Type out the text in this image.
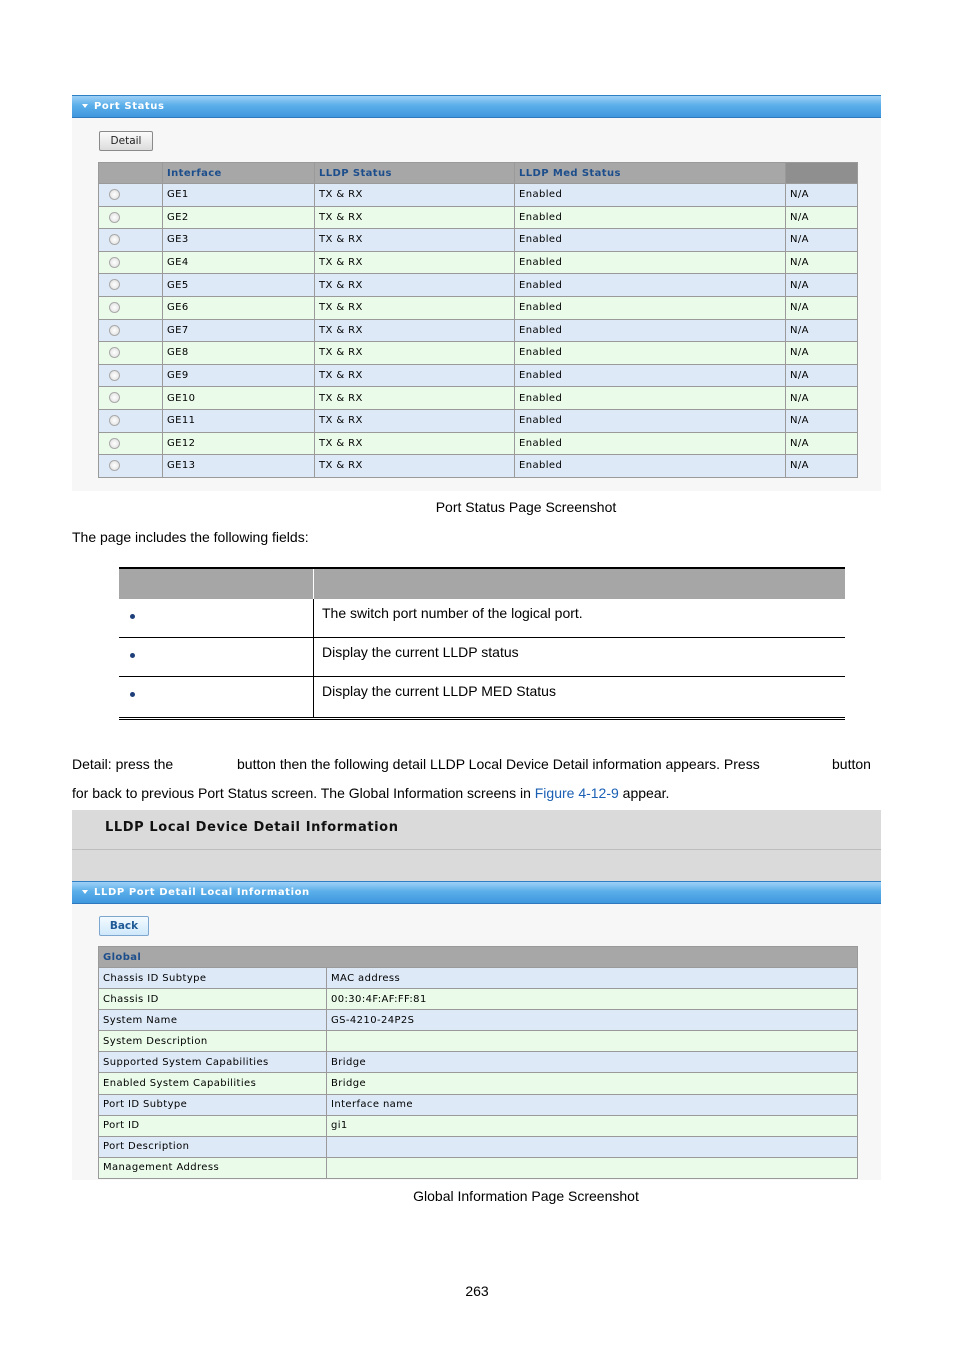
Port Status
Detail
	Interface	LLDP Status	LLDP Med Status	
	GE1	TX & RX	Enabled	N/A
	GE2	TX & RX	Enabled	N/A
	GE3	TX & RX	Enabled	N/A
	GE4	TX & RX	Enabled	N/A
	GE5	TX & RX	Enabled	N/A
	GE6	TX & RX	Enabled	N/A
	GE7	TX & RX	Enabled	N/A
	GE8	TX & RX	Enabled	N/A
	GE9	TX & RX	Enabled	N/A
	GE10	TX & RX	Enabled	N/A
	GE11	TX & RX	Enabled	N/A
	GE12	TX & RX	Enabled	N/A
	GE13	TX & RX	Enabled	N/A
Port Status Page Screenshot
The page includes the following fields:
The switch port number of the logical port.
Display the current LLDP status
Display the current LLDP MED Status
Detail: press the	button then the following detail LLDP Local Device Detail information appears. Press	button
for back to previous Port Status screen. The Global Information screens in Figure 4-12-9 appear.
LLDP Local Device Detail Information
LLDP Port Detail Local Information
Back
Global	
Chassis ID Subtype	MAC address
Chassis ID	00:30:4F:AF:FF:81
System Name	GS-4210-24P2S
System Description	
Supported System Capabilities	Bridge
Enabled System Capabilities	Bridge
Port ID Subtype	Interface name
Port ID	gi1
Port Description	
Management Address	
Global Information Page Screenshot
263
